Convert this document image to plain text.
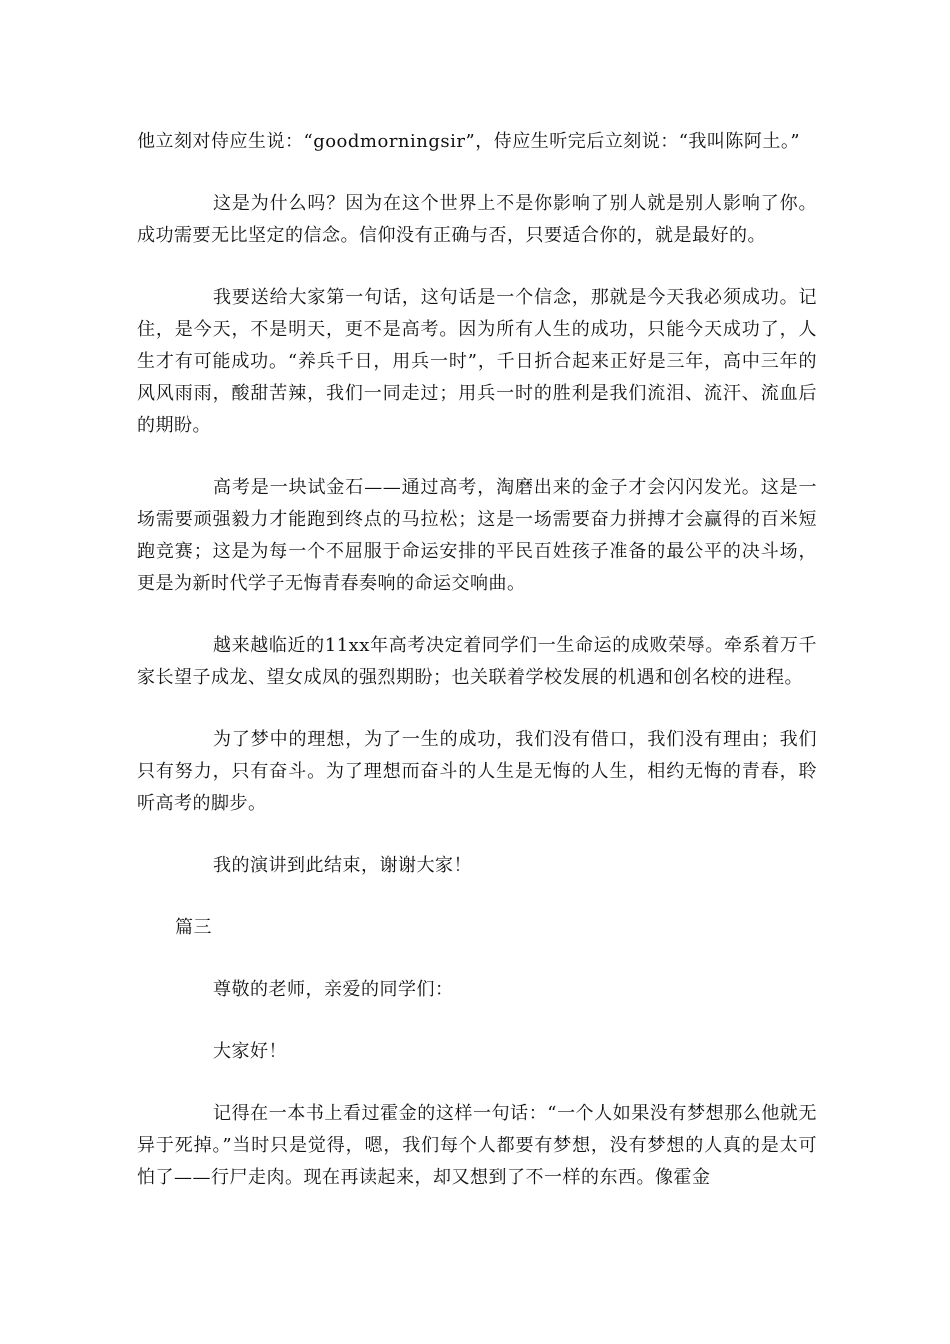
他立刻对侍应生说：“goodmorningsir”，侍应生听完后立刻说：“我叫陈阿土。”

这是为什么吗？因为在这个世界上不是你影响了别人就是别人影响了你。成功需要无比坚定的信念。信仰没有正确与否，只要适合你的，就是最好的。

我要送给大家第一句话，这句话是一个信念，那就是今天我必须成功。记住，是今天，不是明天，更不是高考。因为所有人生的成功，只能今天成功了，人生才有可能成功。“养兵千日，用兵一时”，千日折合起来正好是三年，高中三年的风风雨雨，酸甜苦辣，我们一同走过；用兵一时的胜利是我们流泪、流汗、流血后的期盼。

高考是一块试金石——通过高考，淘磨出来的金子才会闪闪发光。这是一场需要顽强毅力才能跑到终点的马拉松；这是一场需要奋力拼搏才会赢得的百米短跑竞赛；这是为每一个不屈服于命运安排的平民百姓孩子准备的最公平的决斗场，更是为新时代学子无悔青春奏响的命运交响曲。

越来越临近的11xx年高考决定着同学们一生命运的成败荣辱。牵系着万千家长望子成龙、望女成凤的强烈期盼；也关联着学校发展的机遇和创名校的进程。

为了梦中的理想，为了一生的成功，我们没有借口，我们没有理由；我们只有努力，只有奋斗。为了理想而奋斗的人生是无悔的人生，相约无悔的青春，聆听高考的脚步。

我的演讲到此结束，谢谢大家！

篇三

尊敬的老师，亲爱的同学们：

大家好！

记得在一本书上看过霍金的这样一句话：“一个人如果没有梦想那么他就无异于死掉。”当时只是觉得，嗯，我们每个人都要有梦想，没有梦想的人真的是太可怕了——行尸走肉。现在再读起来，却又想到了不一样的东西。像霍金
